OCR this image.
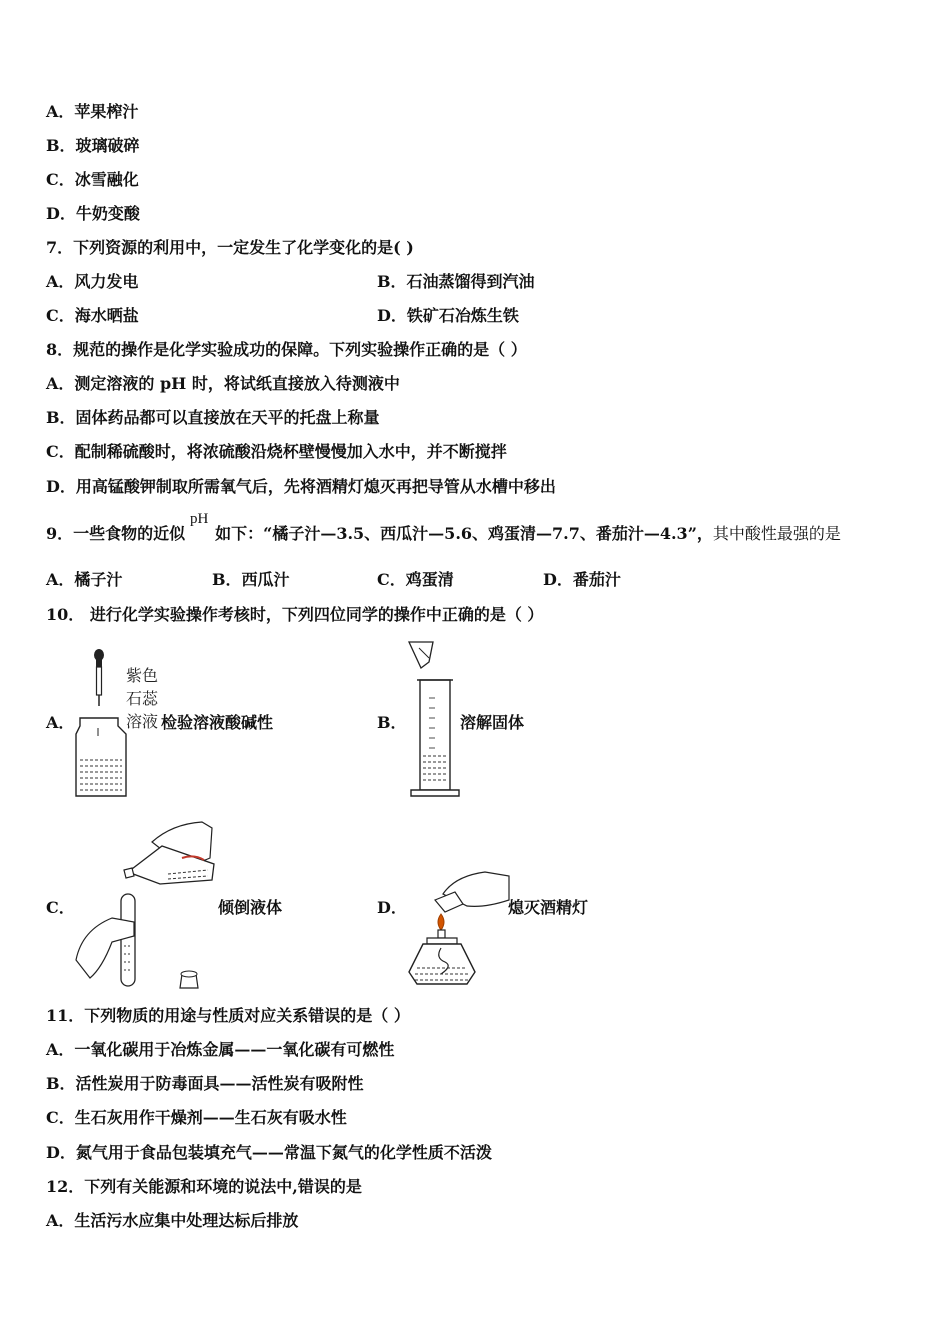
A．苹果榨汁
B．玻璃破碎
C．冰雪融化
D．牛奶变酸
7．下列资源的利用中，一定发生了化学变化的是( )
A．风力发电	B．石油蒸馏得到汽油
C．海水晒盐	D．铁矿石冶炼生铁
8．规范的操作是化学实验成功的保障。下列实验操作正确的是（ ）
A．测定溶液的 pH 时，将试纸直接放入待测液中
B．固体药品都可以直接放在天平的托盘上称量
C．配制稀硫酸时，将浓硫酸沿烧杯壁慢慢加入水中，并不断搅拌
D．用高锰酸钾制取所需氧气后，先将酒精灯熄灭再把导管从水槽中移出
9．一些食物的近似 如下：“橘子汁—3.5、西瓜汁—5.6、鸡蛋清—7.7、番茄汁—4.3”，其中酸性最强的是
pH
A．橘子汁	B．西瓜汁	C．鸡蛋清	D．番茄汁
10． 进行化学实验操作考核时，下列四位同学的操作中正确的是（ ）
A．
紫色
石蕊
溶液 检验溶液酸碱性	B．	溶解固体
C．	倾倒液体	D．	熄灭酒精灯
11．下列物质的用途与性质对应关系错误的是（ ）
A．一氧化碳用于冶炼金属——一氧化碳有可燃性
B．活性炭用于防毒面具——活性炭有吸附性
C．生石灰用作干燥剂——生石灰有吸水性
D．氮气用于食品包装填充气——常温下氮气的化学性质不活泼
12．下列有关能源和环境的说法中,错误的是
A．生活污水应集中处理达标后排放
